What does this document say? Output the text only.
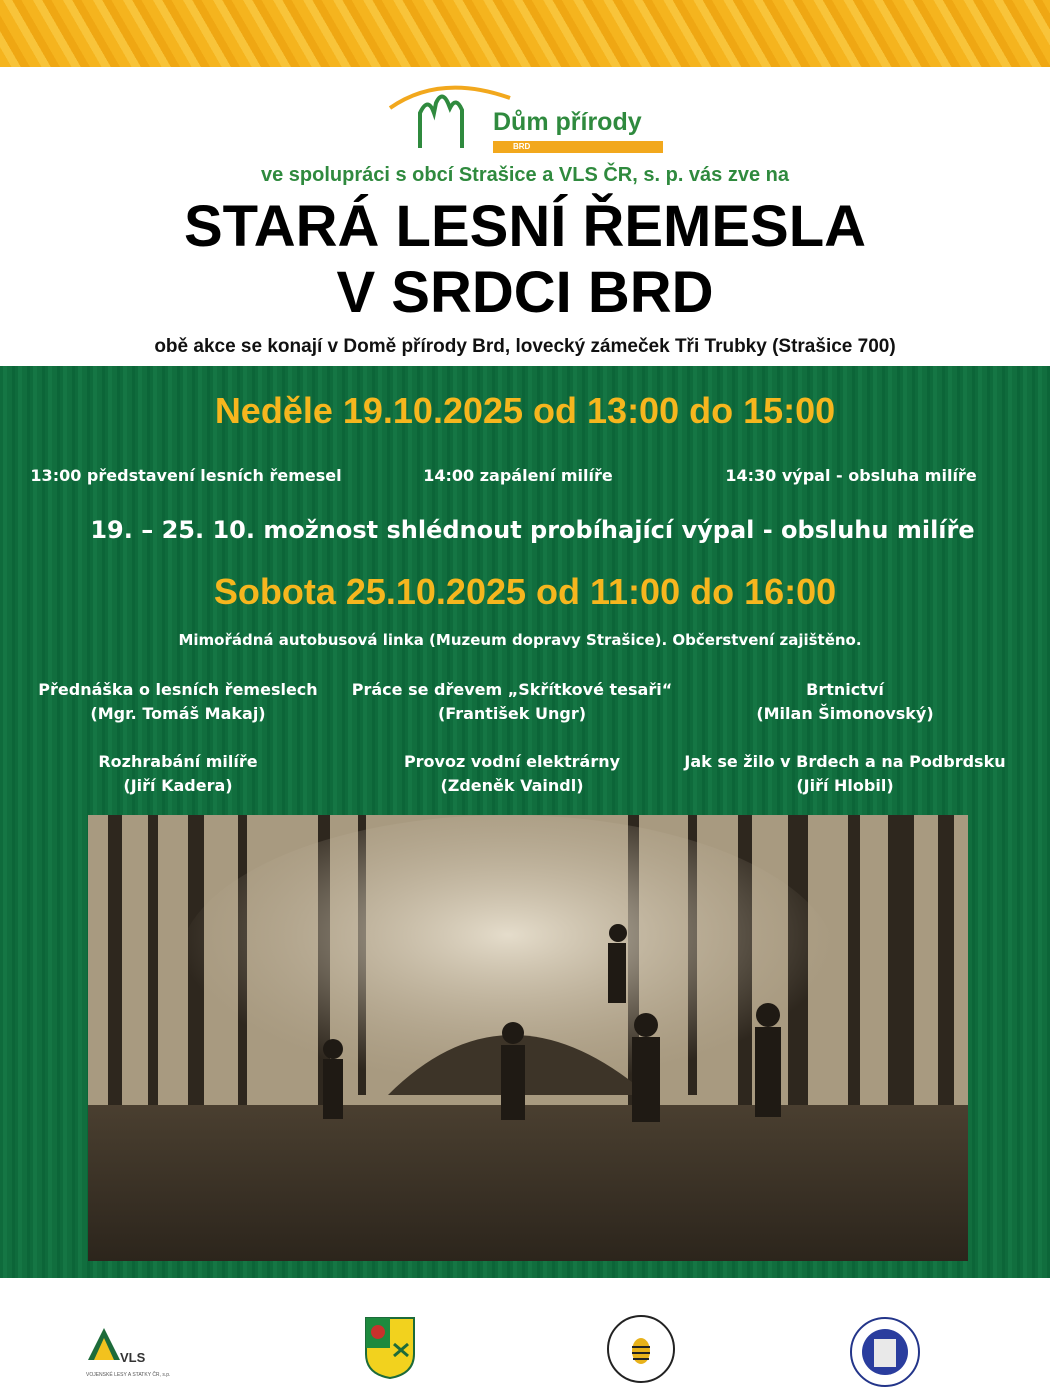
Dům přírody
BRD
ve spolupráci s obcí Strašice a VLS ČR, s. p. vás zve na
STARÁ LESNÍ ŘEMESLA
V SRDCI BRD
obě akce se konají v Domě přírody Brd, lovecký zámeček Tři Trubky (Strašice 700)
Neděle 19.10.2025 od 13:00 do 15:00
13:00 představení lesních řemesel	14:00 zapálení milíře	14:30 výpal - obsluha milíře
19. – 25. 10. možnost shlédnout probíhající výpal - obsluhu milíře
Sobota 25.10.2025 od 11:00 do 16:00
Mimořádná autobusová linka (Muzeum dopravy Strašice). Občerstvení zajištěno.
Přednáška o lesních řemeslech
(Mgr. Tomáš Makaj)
Práce se dřevem „Skřítkové tesaři“
(František Ungr)
Brtnictví
(Milan Šimonovský)
Rozhrabání milíře
(Jiří Kadera)
Provoz vodní elektrárny
(Zdeněk Vaindl)
Jak se žilo v Brdech a na Podbrdsku
(Jiří Hlobil)
VLS
VOJENSKÉ LESY A STATKY ČR, s.p.
